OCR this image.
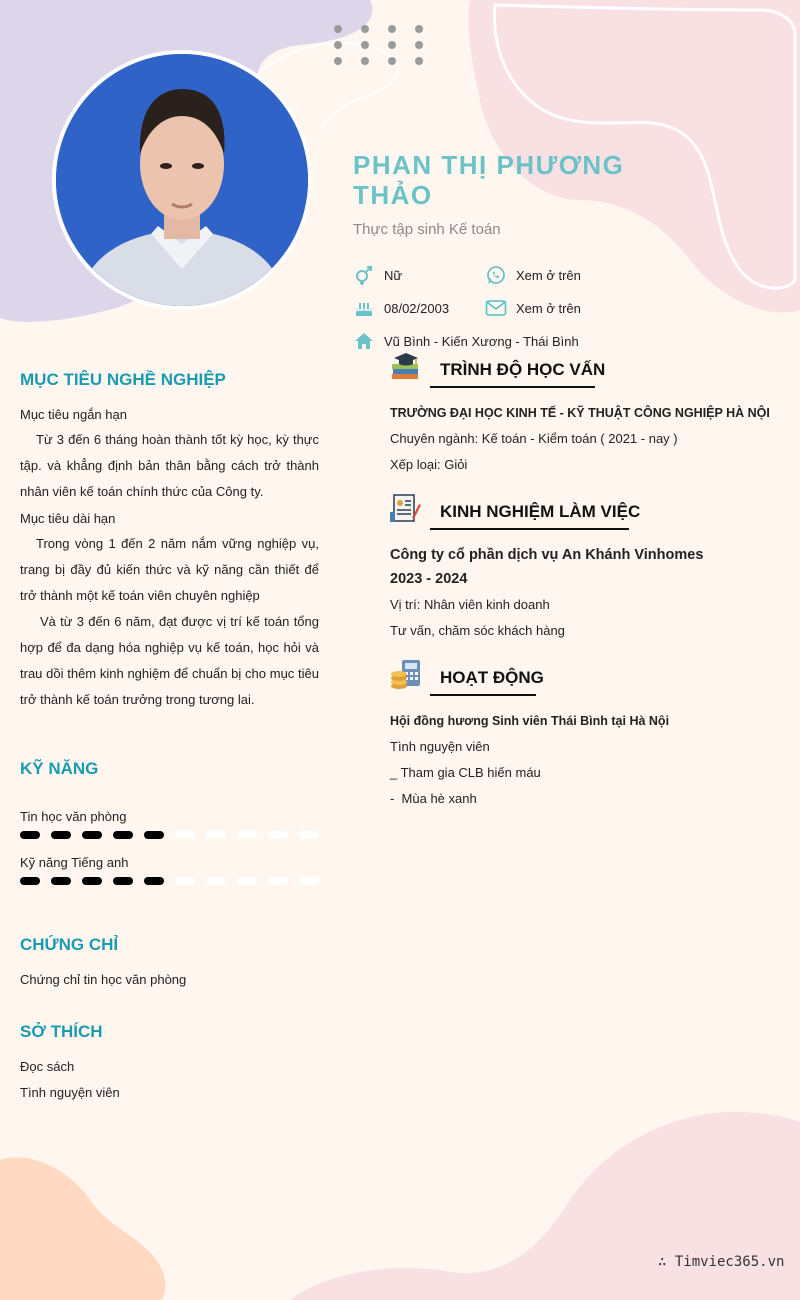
PHAN THỊ PHƯƠNG THẢO
Thực tập sinh Kế toán
Nữ
08/02/2003
Vũ Bình - Kiến Xương - Thái Bình
Xem ở trên
Xem ở trên
MỤC TIÊU NGHỀ NGHIỆP
Mục tiêu ngắn hạn
Từ 3 đến 6 tháng hoàn thành tốt kỳ học, kỳ thực tập. và khẳng định bản thân bằng cách trở thành nhân viên kế toán chính thức của Công ty.
Mục tiêu dài hạn
Trong vòng 1 đến 2 năm nắm vững nghiệp vụ, trang bị đầy đủ kiến thức và kỹ năng cần thiết để trở thành một kế toán viên chuyên nghiệp
Và từ 3 đến 6 năm, đạt được vị trí kế toán tổng hợp để đa dạng hóa nghiệp vụ kế toán, học hỏi và trau dồi thêm kinh nghiệm để chuẩn bị cho mục tiêu trở thành kế toán trưởng trong tương lai.
KỸ NĂNG
Tin học văn phòng
Kỹ năng Tiếng anh
CHỨNG CHỈ
Chứng chỉ tin học văn phòng
SỞ THÍCH
Đọc sách
Tình nguyện viên
TRÌNH ĐỘ HỌC VẤN
TRƯỜNG ĐẠI HỌC KINH TẾ - KỸ THUẬT CÔNG NGHIỆP HÀ NỘI
Chuyên ngành: Kế toán - Kiểm toán ( 2021 - nay )
Xếp loại: Giỏi
KINH NGHIỆM LÀM VIỆC
Công ty cổ phần dịch vụ An Khánh Vinhomes
2023 - 2024
Vị trí: Nhân viên kinh doanh
Tư vấn, chăm sóc khách hàng
HOẠT ĐỘNG
Hội đồng hương Sinh viên Thái Bình tại Hà Nội
Tình nguyện viên
_ Tham gia CLB hiến máu
-  Mùa hè xanh
∴ Timviec365.vn
